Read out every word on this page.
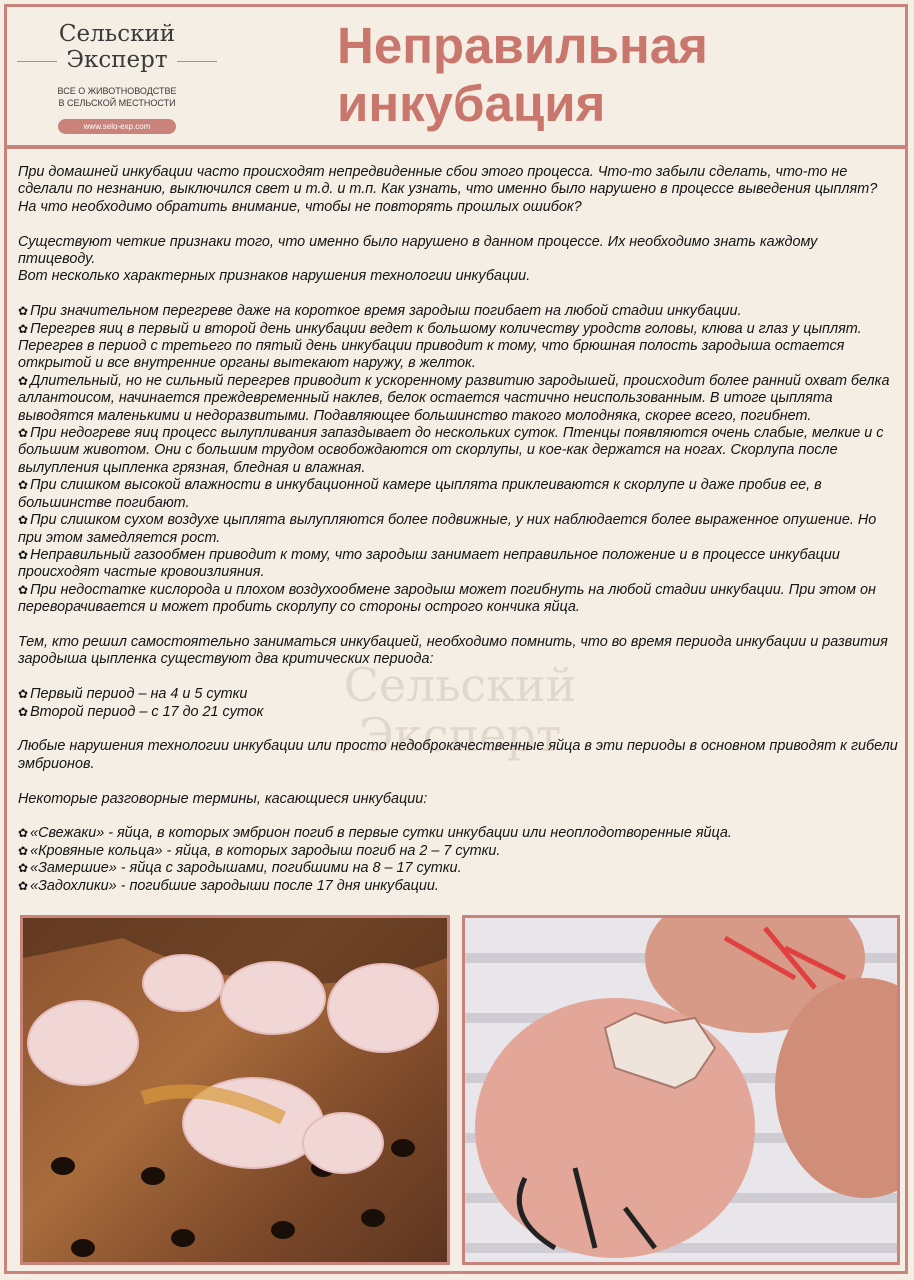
Сельский
Эксперт
ВСЕ О ЖИВОТНОВОДСТВЕ
В СЕЛЬСКОЙ МЕСТНОСТИ
www.selo-exp.com
Неправильная
инкубация
Сельский
Эксперт

При домашней инкубации часто происходят непредвиденные сбои этого процесса. Что-то забыли сделать, что-то не сделали по незнанию, выключился свет и т.д. и т.п. Как узнать, что именно было нарушено в процессе выведения цыплят? На что необходимо обратить внимание, чтобы не повторять прошлых ошибок?

Существуют четкие признаки того, что именно было нарушено в данном процессе. Их необходимо знать каждому птицеводу.

Вот несколько характерных признаков нарушения технологии инкубации.

✿ При значительном перегреве даже на короткое время зародыш погибает на любой стадии инкубации.

✿ Перегрев яиц в первый и второй день инкубации ведет к большому количеству уродств головы, клюва и глаз у цыплят. Перегрев в период с третьего по пятый день инкубации приводит к тому, что брюшная полость зародыша остается открытой и все внутренние органы вытекают наружу, в желток.

✿ Длительный, но не сильный перегрев приводит к ускоренному развитию зародышей, происходит более ранний охват белка аллантоисом, начинается преждевременный наклев, белок остается частично неиспользованным. В итоге цыплята выводятся маленькими и недоразвитыми. Подавляющее большинство такого молодняка, скорее всего, погибнет.

✿ При недогреве яиц процесс вылупливания запаздывает до нескольких суток. Птенцы появляются очень слабые, мелкие и с большим животом. Они с большим трудом освобождаются от скорлупы, и кое-как держатся на ногах. Скорлупа после вылупления цыпленка грязная, бледная и влажная.

✿ При слишком высокой влажности в инкубационной камере цыплята приклеиваются к скорлупе и даже пробив ее, в большинстве погибают.

✿ При слишком сухом воздухе цыплята вылупляются более подвижные, у них наблюдается более выраженное опушение. Но при этом замедляется рост.

✿ Неправильный газообмен приводит к тому, что зародыш занимает неправильное положение и в процессе инкубации происходят частые кровоизлияния.

✿ При недостатке кислорода и плохом воздухообмене зародыш может погибнуть на любой стадии инкубации. При этом он переворачивается и может пробить скорлупу со стороны острого кончика яйца.

Тем, кто решил самостоятельно заниматься инкубацией, необходимо помнить, что во время периода инкубации и развития зародыша цыпленка существуют два критических периода:

✿ Первый период – на 4 и 5 сутки

✿ Второй период – с 17 до 21 суток

Любые нарушения технологии инкубации или просто недоброкачественные яйца в эти периоды в основном приводят к гибели эмбрионов.

Некоторые разговорные термины, касающиеся инкубации:

✿ «Свежаки» - яйца, в которых эмбрион погиб в первые сутки инкубации или неоплодотворенные яйца.

✿ «Кровяные кольца» - яйца, в которых зародыш погиб на 2 – 7 сутки.

✿ «Замершие» - яйца с зародышами, погибшими на 8 – 17 сутки.

✿ «Задохлики» - погибшие зародыши после 17 дня инкубации.
